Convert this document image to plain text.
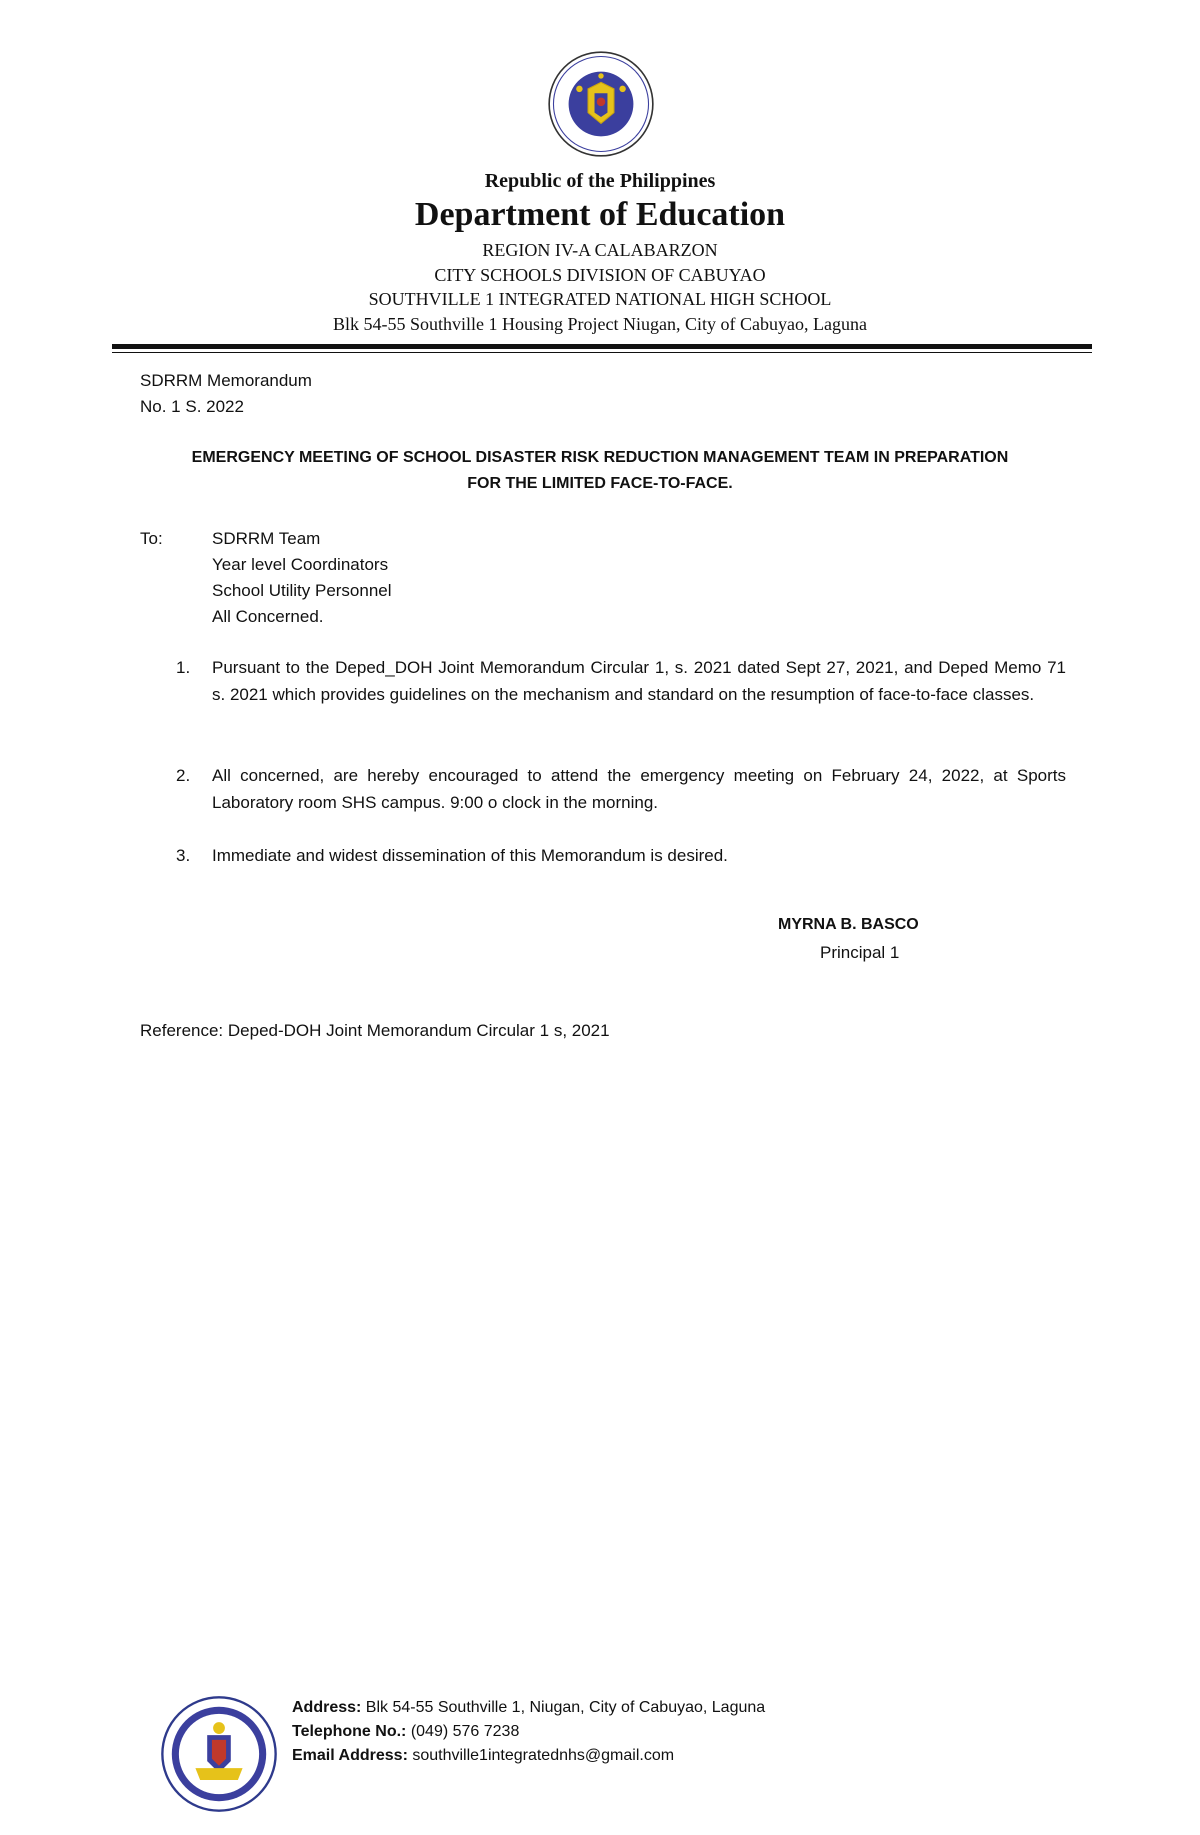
Republic of the Philippines
Department of Education
REGION IV-A CALABARZON
CITY SCHOOLS DIVISION OF CABUYAO
SOUTHVILLE 1 INTEGRATED NATIONAL HIGH SCHOOL
Blk 54-55 Southville 1 Housing Project Niugan, City of Cabuyao, Laguna
SDRRM Memorandum
No. 1 S. 2022
EMERGENCY MEETING OF SCHOOL DISASTER RISK REDUCTION MANAGEMENT TEAM IN PREPARATION
FOR THE LIMITED FACE-TO-FACE.
To:	SDRRM Team
Year level Coordinators
School Utility Personnel
All Concerned.
1.	Pursuant to the Deped_DOH Joint Memorandum Circular 1, s. 2021 dated Sept 27, 2021, and Deped Memo 71 s. 2021 which provides guidelines on the mechanism and standard on the resumption of face-to-face classes.
2.	All concerned, are hereby encouraged to attend the emergency meeting on February 24, 2022, at Sports Laboratory room SHS campus. 9:00 o clock in the morning.
3.	Immediate and widest dissemination of this Memorandum is desired.
MYRNA B. BASCO
Principal 1
Reference: Deped-DOH Joint Memorandum Circular 1 s, 2021
Address: Blk 54-55 Southville 1, Niugan, City of Cabuyao, Laguna
Telephone No.: (049) 576 7238
Email Address: southville1integratednhs@gmail.com
